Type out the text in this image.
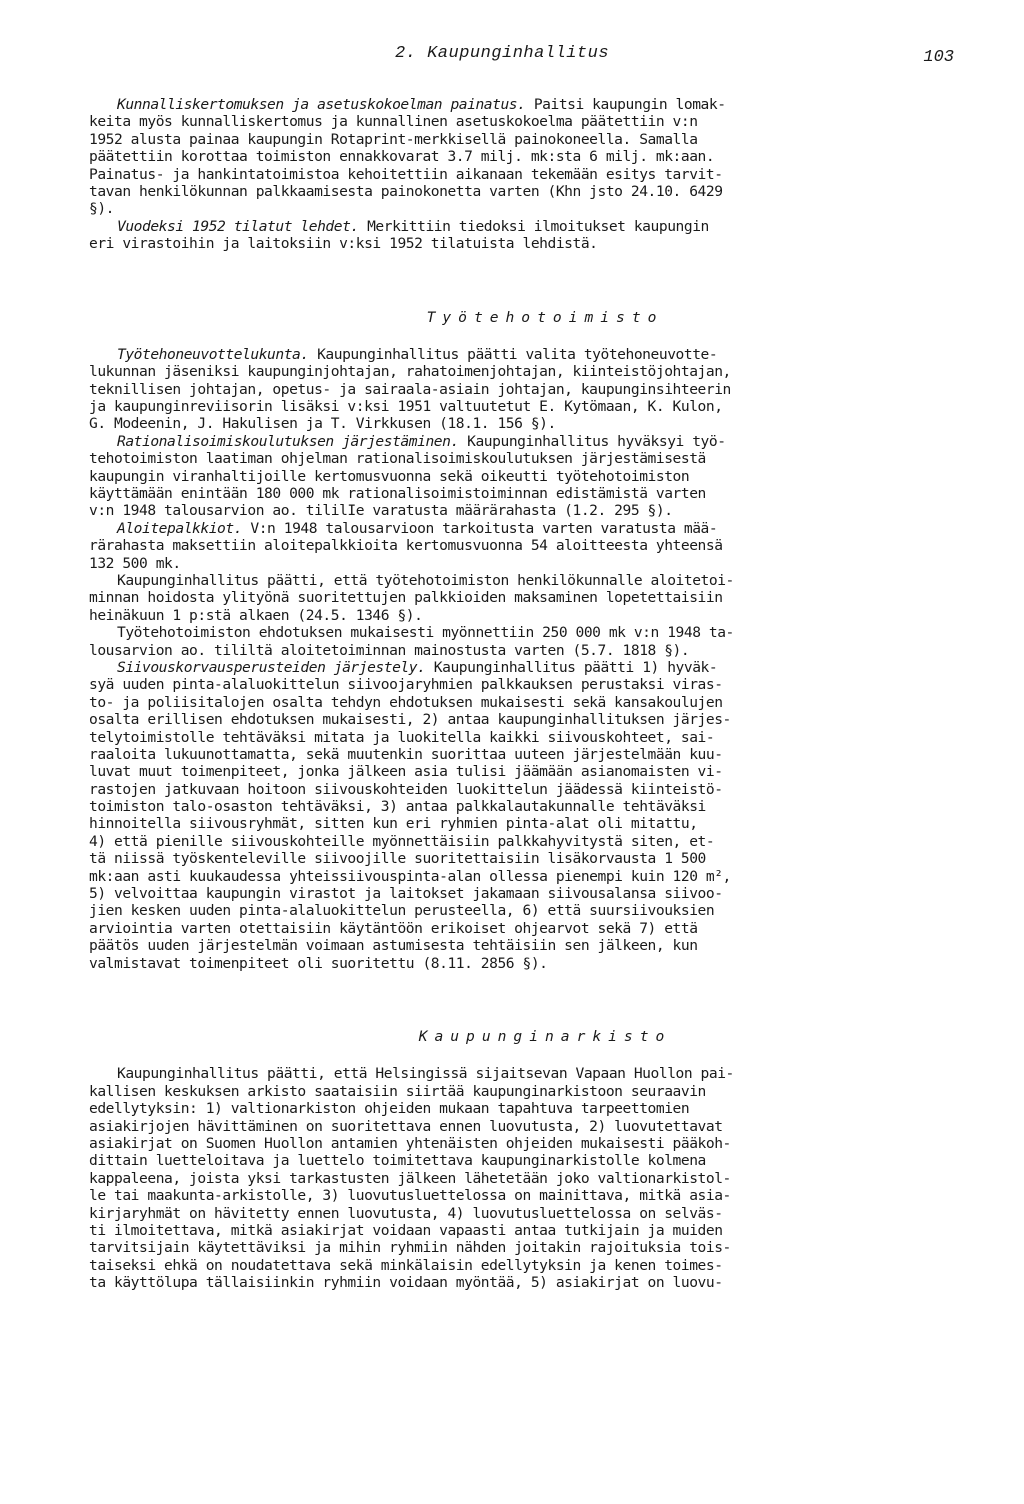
2. Kaupunginhallitus	103
Kunnalliskertomuksen ja asetuskokoelman painatus. Paitsi kaupungin lomak-
keita myös kunnalliskertomus ja kunnallinen asetuskokoelma päätettiin v:n
1952 alusta painaa kaupungin Rotaprint-merkkisellä painokoneella. Samalla
päätettiin korottaa toimiston ennakkovarat 3.7 milj. mk:sta 6 milj. mk:aan.
Painatus- ja hankintatoimistoa kehoitettiin aikanaan tekemään esitys tarvit-
tavan henkilökunnan palkkaamisesta painokonetta varten (Khn jsto 24.10. 6429
§).
Vuodeksi 1952 tilatut lehdet. Merkittiin tiedoksi ilmoitukset kaupungin
eri virastoihin ja laitoksiin v:ksi 1952 tilatuista lehdistä.
Työtehotoimisto
Työtehoneuvottelukunta. Kaupunginhallitus päätti valita työtehoneuvotte-
lukunnan jäseniksi kaupunginjohtajan, rahatoimenjohtajan, kiinteistöjohtajan,
teknillisen johtajan, opetus- ja sairaala-asiain johtajan, kaupunginsihteerin
ja kaupunginreviisorin lisäksi v:ksi 1951 valtuutetut E. Kytömaan, K. Kulon,
G. Modeenin, J. Hakulisen ja T. Virkkusen (18.1. 156 §).
Rationalisoimiskoulutuksen järjestäminen. Kaupunginhallitus hyväksyi työ-
tehotoimiston laatiman ohjelman rationalisoimiskoulutuksen järjestämisestä
kaupungin viranhaltijoille kertomusvuonna sekä oikeutti työtehotoimiston
käyttämään enintään 180 000 mk rationalisoimistoiminnan edistämistä varten
v:n 1948 talousarvion ao. tililIe varatusta määrärahasta (1.2. 295 §).
Aloitepalkkiot. V:n 1948 talousarvioon tarkoitusta varten varatusta mää-
rärahasta maksettiin aloitepalkkioita kertomusvuonna 54 aloitteesta yhteensä
132 500 mk.
Kaupunginhallitus päätti, että työtehotoimiston henkilökunnalle aloitetoi-
minnan hoidosta ylityönä suoritettujen palkkioiden maksaminen lopetettaisiin
heinäkuun 1 p:stä alkaen (24.5. 1346 §).
Työtehotoimiston ehdotuksen mukaisesti myönnettiin 250 000 mk v:n 1948 ta-
lousarvion ao. tililtä aloitetoiminnan mainostusta varten (5.7. 1818 §).
Siivouskorvausperusteiden järjestely. Kaupunginhallitus päätti 1) hyväk-
syä uuden pinta-alaluokittelun siivoojaryhmien palkkauksen perustaksi viras-
to- ja poliisitalojen osalta tehdyn ehdotuksen mukaisesti sekä kansakoulujen
osalta erillisen ehdotuksen mukaisesti, 2) antaa kaupunginhallituksen järjes-
telytoimistolle tehtäväksi mitata ja luokitella kaikki siivouskohteet, sai-
raaloita lukuunottamatta, sekä muutenkin suorittaa uuteen järjestelmään kuu-
luvat muut toimenpiteet, jonka jälkeen asia tulisi jäämään asianomaisten vi-
rastojen jatkuvaan hoitoon siivouskohteiden luokittelun jäädessä kiinteistö-
toimiston talo-osaston tehtäväksi, 3) antaa palkkalautakunnalle tehtäväksi
hinnoitella siivousryhmät, sitten kun eri ryhmien pinta-alat oli mitattu,
4) että pienille siivouskohteille myönnettäisiin palkkahyvitystä siten, et-
tä niissä työskenteleville siivoojille suoritettaisiin lisäkorvausta 1 500
mk:aan asti kuukaudessa yhteissiivouspinta-alan ollessa pienempi kuin 120 m²,
5) velvoittaa kaupungin virastot ja laitokset jakamaan siivousalansa siivoo-
jien kesken uuden pinta-alaluokittelun perusteella, 6) että suursiivouksien
arviointia varten otettaisiin käytäntöön erikoiset ohjearvot sekä 7) että
päätös uuden järjestelmän voimaan astumisesta tehtäisiin sen jälkeen, kun
valmistavat toimenpiteet oli suoritettu (8.11. 2856 §).
Kaupunginarkisto
Kaupunginhallitus päätti, että Helsingissä sijaitsevan Vapaan Huollon pai-
kallisen keskuksen arkisto saataisiin siirtää kaupunginarkistoon seuraavin
edellytyksin: 1) valtionarkiston ohjeiden mukaan tapahtuva tarpeettomien
asiakirjojen hävittäminen on suoritettava ennen luovutusta, 2) luovutettavat
asiakirjat on Suomen Huollon antamien yhtenäisten ohjeiden mukaisesti pääkoh-
dittain luetteloitava ja luettelo toimitettava kaupunginarkistolle kolmena
kappaleena, joista yksi tarkastusten jälkeen lähetetään joko valtionarkistol-
le tai maakunta-arkistolle, 3) luovutusluettelossa on mainittava, mitkä asia-
kirjaryhmät on hävitetty ennen luovutusta, 4) luovutusluettelossa on selväs-
ti ilmoitettava, mitkä asiakirjat voidaan vapaasti antaa tutkijain ja muiden
tarvitsijain käytettäviksi ja mihin ryhmiin nähden joitakin rajoituksia tois-
taiseksi ehkä on noudatettava sekä minkälaisin edellytyksin ja kenen toimes-
ta käyttölupa tällaisiinkin ryhmiin voidaan myöntää, 5) asiakirjat on luovu-
